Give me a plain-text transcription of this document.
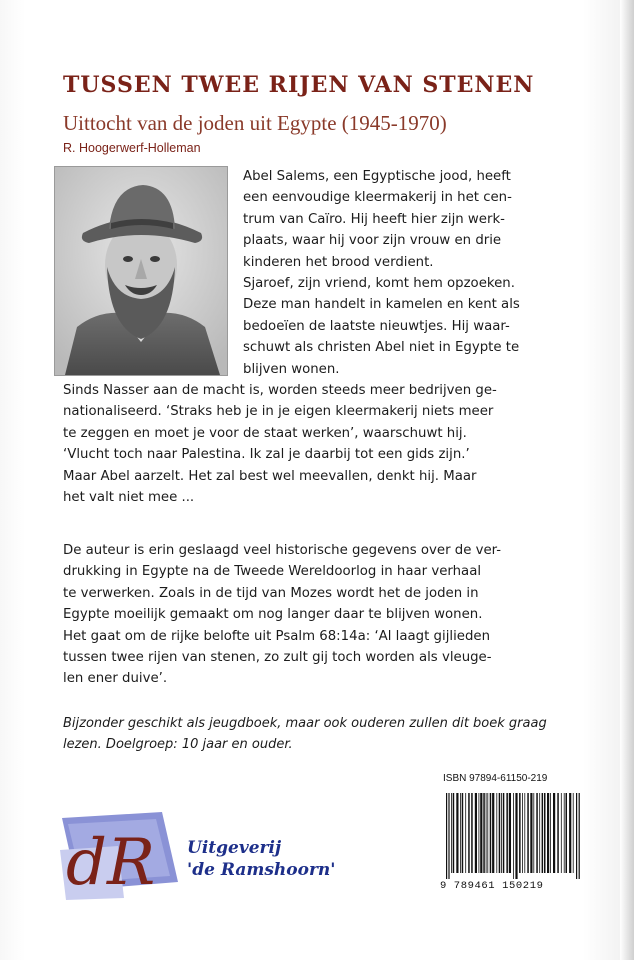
TUSSEN TWEE RIJEN VAN STENEN
Uittocht van de joden uit Egypte (1945-1970)
R. Hoogerwerf-Holleman
Abel Salems, een Egyptische jood, heeft
een eenvoudige kleermakerij in het cen-
trum van Caïro. Hij heeft hier zijn werk-
plaats, waar hij voor zijn vrouw en drie
kinderen het brood verdient.
Sjaroef, zijn vriend, komt hem opzoeken.
Deze man handelt in kamelen en kent als
bedoeïen de laatste nieuwtjes. Hij waar-
schuwt als christen Abel niet in Egypte te
blijven wonen.
Sinds Nasser aan de macht is, worden steeds meer bedrijven ge-
nationaliseerd. ‘Straks heb je in je eigen kleermakerij niets meer
te zeggen en moet je voor de staat werken’, waarschuwt hij.
‘Vlucht toch naar Palestina. Ik zal je daarbij tot een gids zijn.’
Maar Abel aarzelt. Het zal best wel meevallen, denkt hij. Maar
het valt niet mee ...
De auteur is erin geslaagd veel historische gegevens over de ver-
drukking in Egypte na de Tweede Wereldoorlog in haar verhaal
te verwerken. Zoals in de tijd van Mozes wordt het de joden in
Egypte moeilijk gemaakt om nog langer daar te blijven wonen.
Het gaat om de rijke belofte uit Psalm 68:14a: ‘Al laagt gijlieden
tussen twee rijen van stenen, zo zult gij toch worden als vleuge-
len ener duive’.
Bijzonder geschikt als jeugdboek, maar ook ouderen zullen dit boek graag
lezen. Doelgroep: 10 jaar en ouder.
dR Uitgeverij
'de Ramshoorn'
ISBN 97894-61150-219
9 789461 150219
